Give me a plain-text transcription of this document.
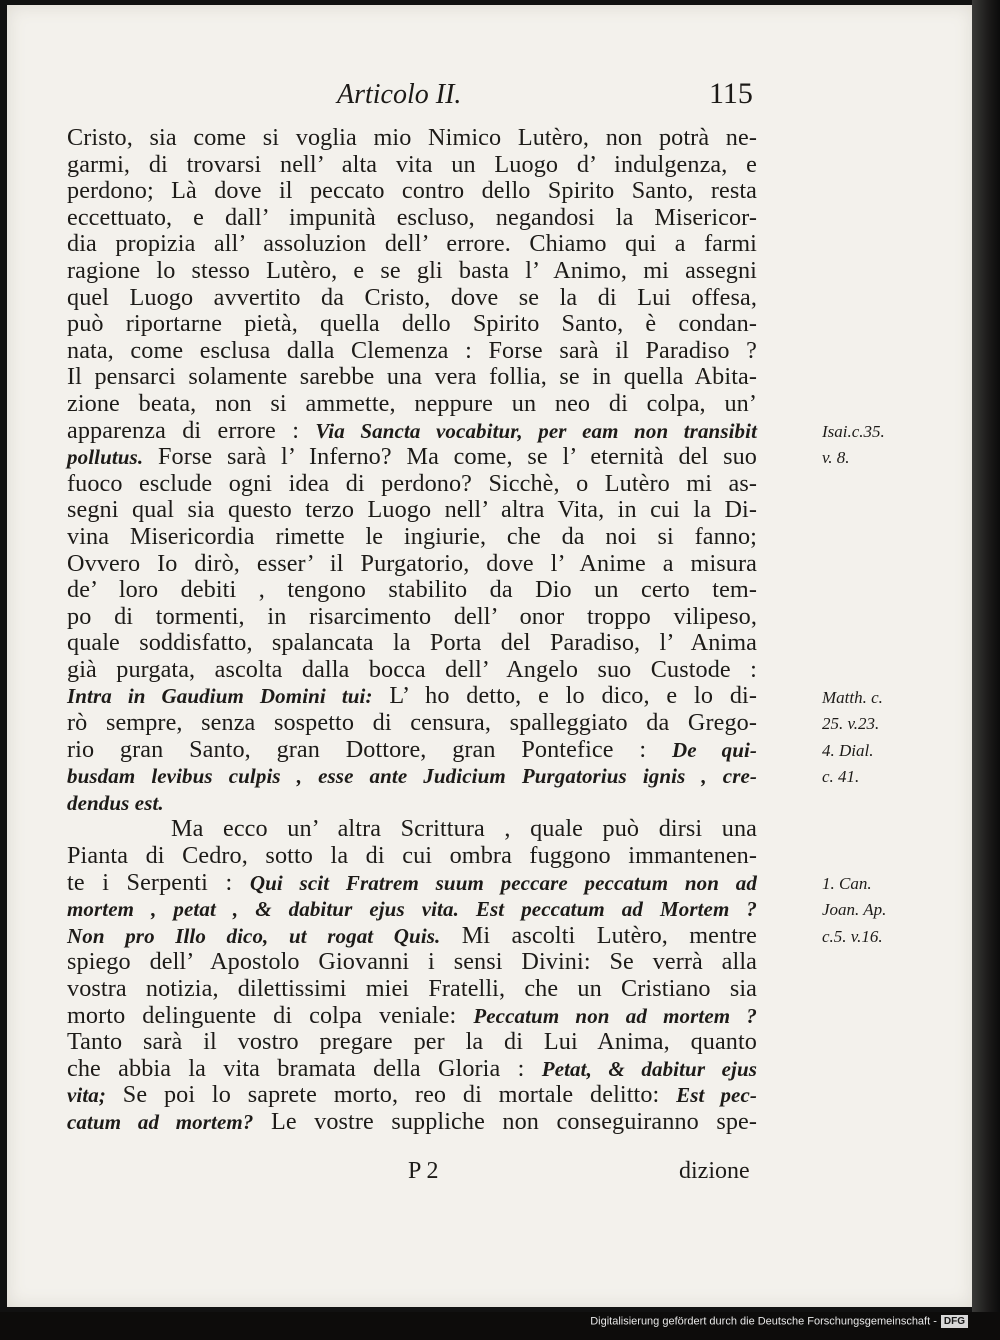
Articolo II.	115
Cristo, sia come si voglia mio Nimico Lutèro, non potrà ne-
garmi, di trovarsi nell’ alta vita un Luogo d’ indulgenza, e
perdono; Là dove il peccato contro dello Spirito Santo, resta
eccettuato, e dall’ impunità escluso, negandosi la Misericor-
dia propizia all’ assoluzion dell’ errore. Chiamo qui a farmi
ragione lo stesso Lutèro, e se gli basta l’ Animo, mi assegni
quel Luogo avvertito da Cristo, dove se la di Lui offesa,
può riportarne pietà, quella dello Spirito Santo, è condan-
nata, come esclusa dalla Clemenza : Forse sarà il Paradiso ?
Il pensarci solamente sarebbe una vera follia, se in quella Abita-
zione beata, non si ammette, neppure un neo di colpa, un’
apparenza di errore : Via Sancta vocabitur, per eam non transibit
pollutus. Forse sarà l’ Inferno? Ma come, se l’ eternità del suo
fuoco esclude ogni idea di perdono? Sicchè, o Lutèro mi as-
segni qual sia questo terzo Luogo nell’ altra Vita, in cui la Di-
vina Misericordia rimette le ingiurie, che da noi si fanno;
Ovvero Io dirò, esser’ il Purgatorio, dove l’ Anime a misura
de’ loro debiti , tengono stabilito da Dio un certo tem-
po di tormenti, in risarcimento dell’ onor troppo vilipeso,
quale soddisfatto, spalancata la Porta del Paradiso, l’ Anima
già purgata, ascolta dalla bocca dell’ Angelo suo Custode :
Intra in Gaudium Domini tui: L’ ho detto, e lo dico, e lo di-
rò sempre, senza sospetto di censura, spalleggiato da Grego-
rio gran Santo, gran Dottore, gran Pontefice : De qui-
busdam levibus culpis , esse ante Judicium Purgatorius ignis , cre-
dendus est.
Ma ecco un’ altra Scrittura , quale può dirsi una
Pianta di Cedro, sotto la di cui ombra fuggono immantenen-
te i Serpenti : Qui scit Fratrem suum peccare peccatum non ad
mortem , petat , & dabitur ejus vita. Est peccatum ad Mortem ?
Non pro Illo dico, ut rogat Quis. Mi ascolti Lutèro, mentre
spiego dell’ Apostolo Giovanni i sensi Divini: Se verrà alla
vostra notizia, dilettissimi miei Fratelli, che un Cristiano sia
morto delinguente di colpa veniale: Peccatum non ad mortem ?
Tanto sarà il vostro pregare per la di Lui Anima, quanto
che abbia la vita bramata della Gloria : Petat, & dabitur ejus
vita; Se poi lo saprete morto, reo di mortale delitto: Est pec-
catum ad mortem? Le vostre suppliche non conseguiranno spe-
Isai.c.35.
v. 8.
Matth. c.
25. v.23.
4. Dial.
c. 41.
1. Can.
Joan. Ap.
c.5. v.16.
P 2	dizione
Digitalisierung gefördert durch die Deutsche Forschungsgemeinschaft - DFG
